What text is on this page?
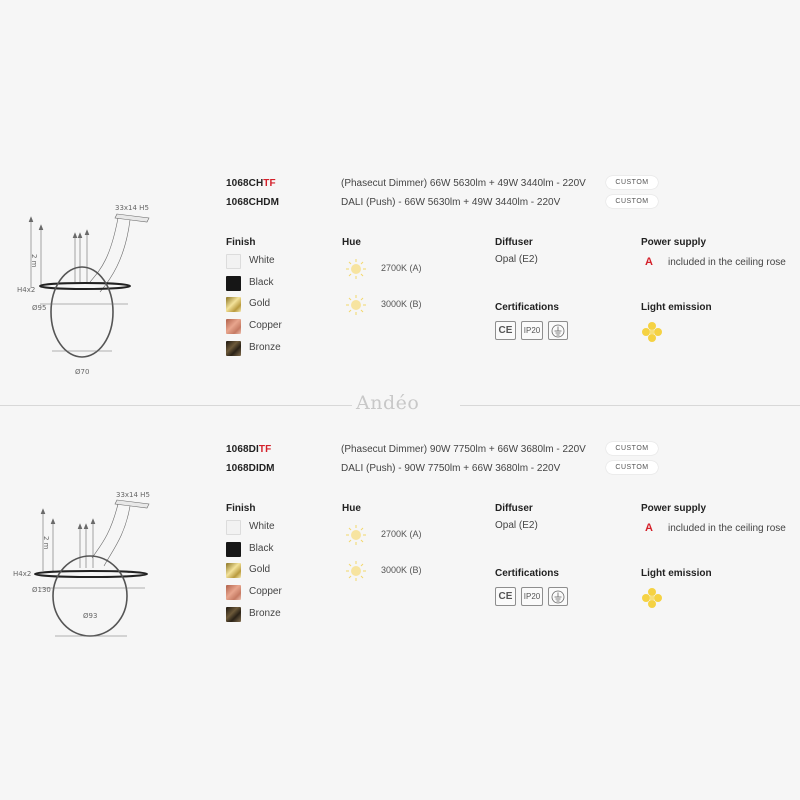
33x14 H5
2 m
H4x2
Ø95
Ø70
1068CHTF	(Phasecut Dimmer) 66W 5630lm + 49W 3440lm - 220V	CUSTOM
1068CHDM	DALI (Push) - 66W 5630lm + 49W 3440lm - 220V	CUSTOM
Finish	Hue	Diffuser	Power supply
Certifications	Light emission
White
Black
Gold
Copper
Bronze
2700K (A)
3000K (B)
Opal (E2)	A included in the ceiling rose
CE	IP20
Andéo
33x14 H5
2 m
H4x2
Ø130
Ø93
1068DITF	(Phasecut Dimmer) 90W 7750lm + 66W 3680lm - 220V	CUSTOM
1068DIDM	DALI (Push) - 90W 7750lm + 66W 3680lm - 220V	CUSTOM
Finish	Hue	Diffuser	Power supply
Certifications	Light emission
White
Black
Gold
Copper
Bronze
2700K (A)
3000K (B)
Opal (E2)	A included in the ceiling rose
CE	IP20
